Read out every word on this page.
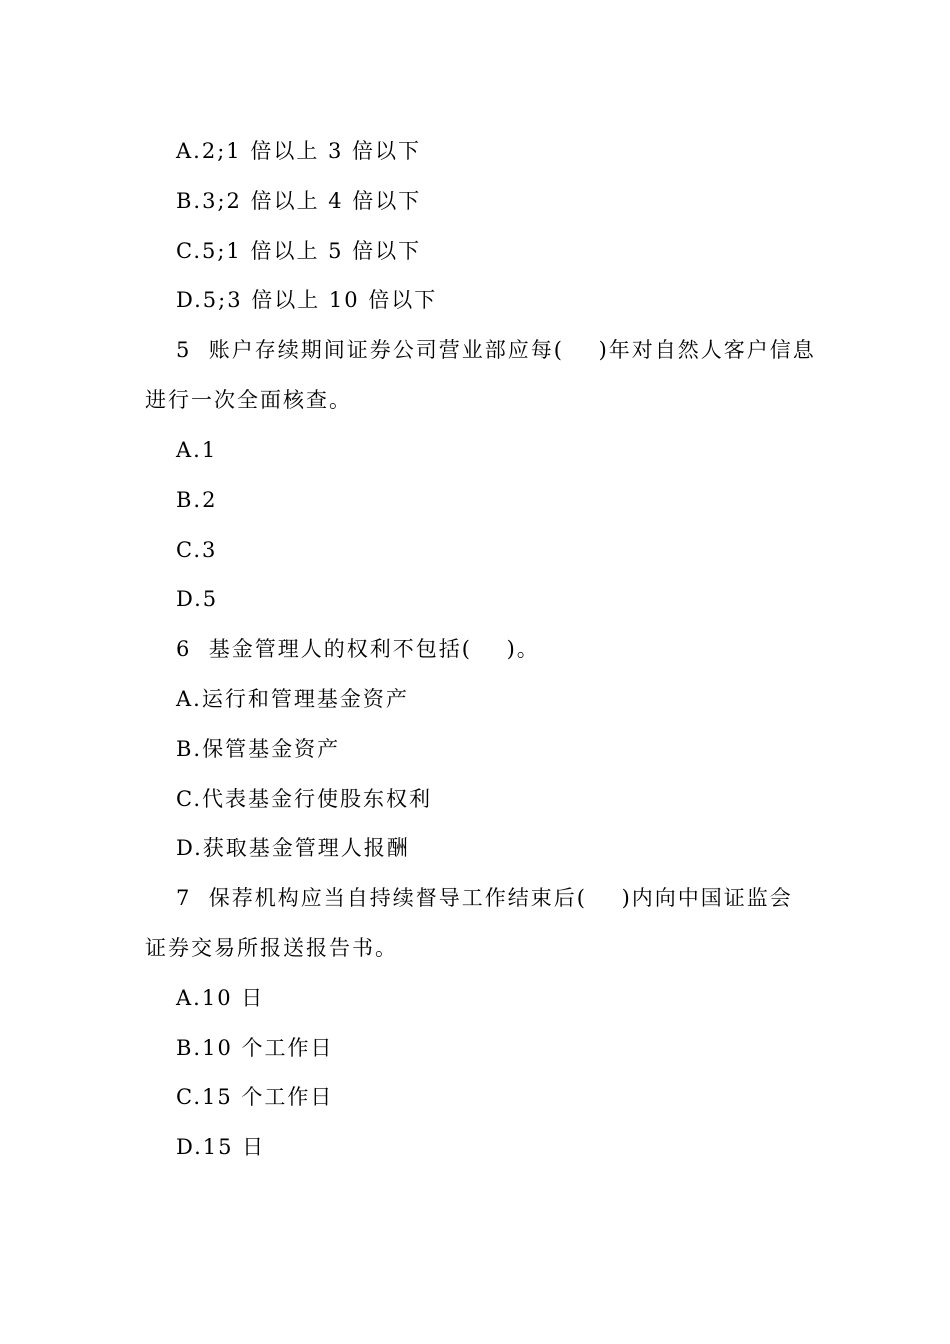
A.2;1 倍以上 3 倍以下
B.3;2 倍以上 4 倍以下
C.5;1 倍以上 5 倍以下
D.5;3 倍以上 10 倍以下
5  账户存续期间证券公司营业部应每(    )年对自然人客户信息
进行一次全面核查。
A.1
B.2
C.3
D.5
6  基金管理人的权利不包括(    )。
A.运行和管理基金资产
B.保管基金资产
C.代表基金行使股东权利
D.获取基金管理人报酬
7  保荐机构应当自持续督导工作结束后(    )内向中国证监会
证券交易所报送报告书。
A.10 日
B.10 个工作日
C.15 个工作日
D.15 日
